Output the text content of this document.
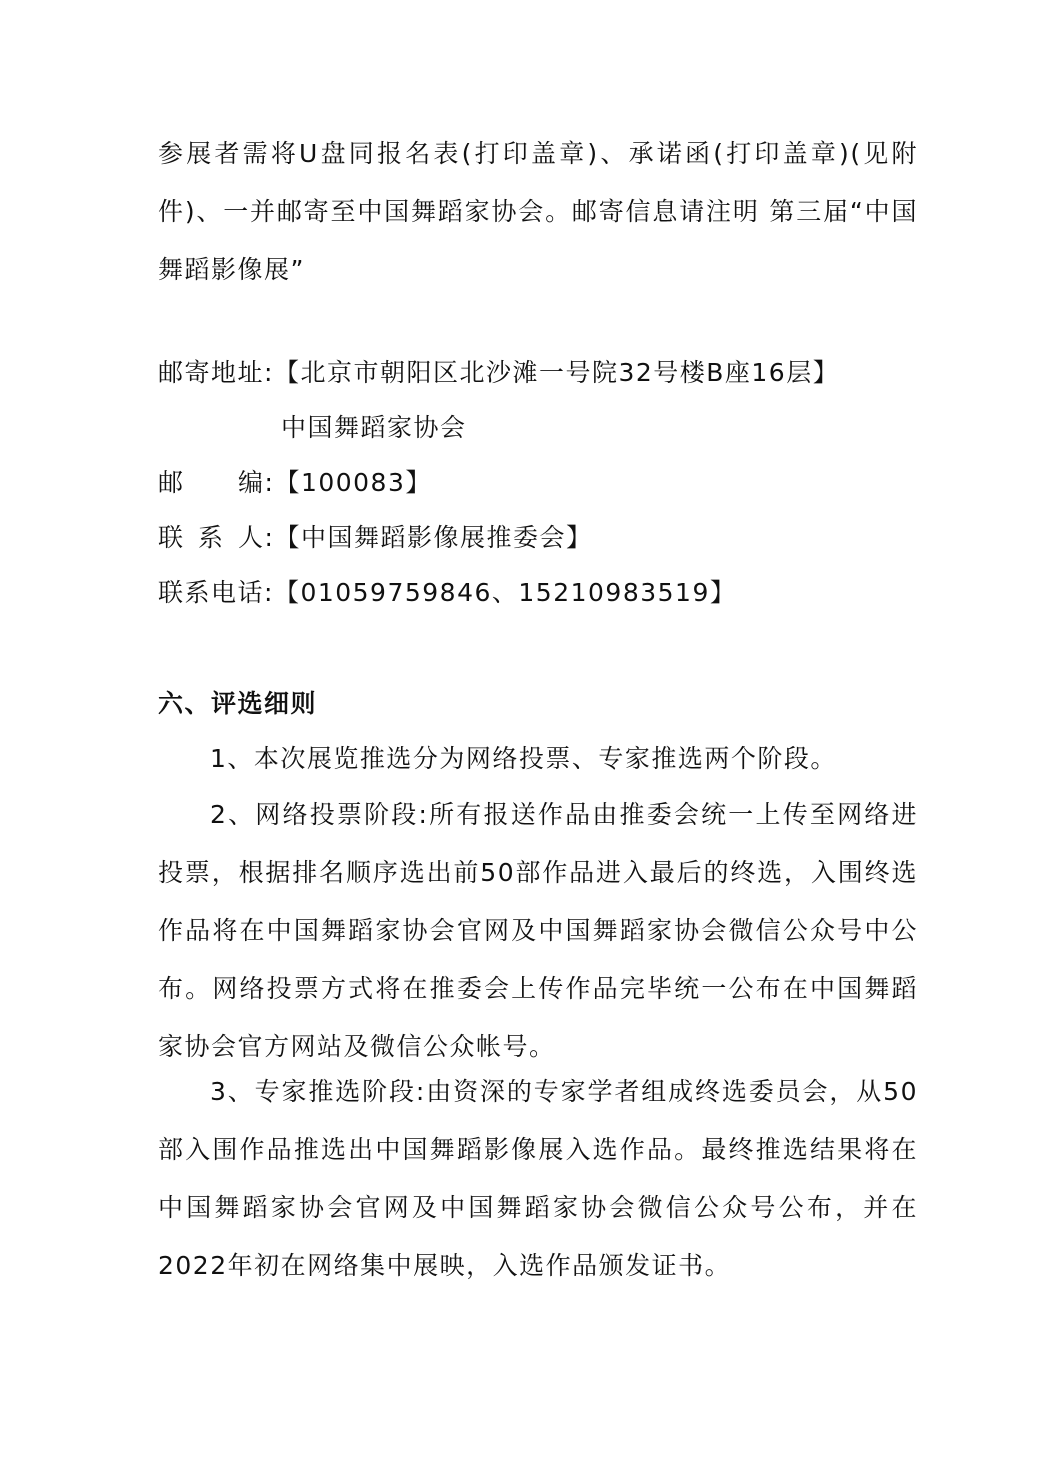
参展者需将U盘同报名表(打印盖章)、承诺函(打印盖章)(见附件)、一并邮寄至中国舞蹈家协会。邮寄信息请注明 第三届“中国舞蹈影像展”

邮寄地址:【北京市朝阳区北沙滩一号院32号楼B座16层】
中国舞蹈家协会
邮 编:【100083】
联 系 人:【中国舞蹈影像展推委会】
联系电话:【01059759846、15210983519】
六、评选细则

1、本次展览推选分为网络投票、专家推选两个阶段。

2、网络投票阶段:所有报送作品由推委会统一上传至网络进投票，根据排名顺序选出前50部作品进入最后的终选，入围终选作品将在中国舞蹈家协会官网及中国舞蹈家协会微信公众号中公布。网络投票方式将在推委会上传作品完毕统一公布在中国舞蹈家协会官方网站及微信公众帐号。

3、专家推选阶段:由资深的专家学者组成终选委员会，从50部入围作品推选出中国舞蹈影像展入选作品。最终推选结果将在中国舞蹈家协会官网及中国舞蹈家协会微信公众号公布，并在2022年初在网络集中展映，入选作品颁发证书。
